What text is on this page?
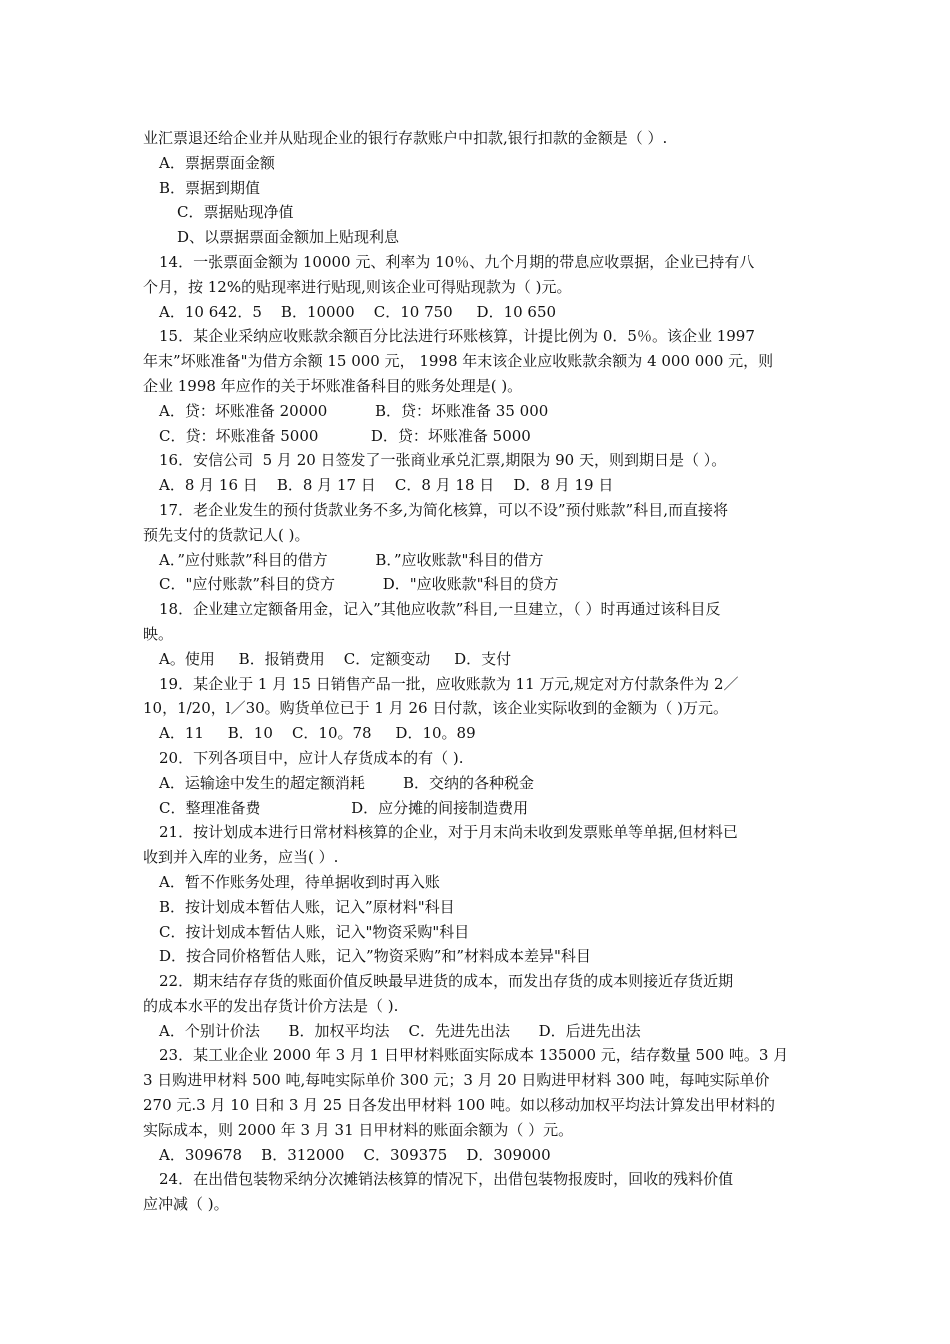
业汇票退还给企业并从贴现企业的银行存款账户中扣款,银行扣款的金额是（ ）.
A．票据票面金额
B．票据到期值
C．票据贴现净值
D、以票据票面金额加上贴现利息
14．一张票面金额为 10000 元、利率为 10％、九个月期的带息应收票据，企业已持有八
个月，按 12%的贴现率进行贴现,则该企业可得贴现款为（ )元。
A．10 642．5    B．10000    C．10 750     D．10 650
15．某企业采纳应收账款余额百分比法进行环账核算，计提比例为 0．5％。该企业 1997
年末”坏账准备"为借方余额 15 000 元， 1998 年末该企业应收账款余额为 4 000 000 元，则
企业 1998 年应作的关于坏账准备科目的账务处理是( )。
A．贷：坏账准备 20000          B．贷：坏账准备 35 000
C．贷：坏账准备 5000           D．贷：坏账准备 5000
16．安信公司  5 月 20 日签发了一张商业承兑汇票,期限为 90 天，则到期日是（ ）。
A．8 月 16 日    B．8 月 17 日    C．8 月 18 日    D．8 月 19 日
17．老企业发生的预付货款业务不多,为简化核算，可以不设”预付账款”科目,而直接将
预先支付的货款记人( )。
A．”应付账款”科目的借方          B．”应收账款"科目的借方
C．"应付账款”科目的贷方          D．"应收账款"科目的贷方
18．企业建立定额备用金，记入”其他应收款”科目,一旦建立，（ ）时再通过该科目反
映。
A。使用     B．报销费用    C．定额变动     D．支付
19．某企业于 1 月 15 日销售产品一批，应收账款为 11 万元,规定对方付款条件为 2／
10，1/20，l／30。购货单位已于 1 月 26 日付款，该企业实际收到的金额为（ )万元。
A．11     B．10    C．10。78     D．10。89
20．下列各项目中，应计人存货成本的有（ ).
A．运输途中发生的超定额消耗        B．交纳的各种税金
C．整理准备费                   D．应分摊的间接制造费用
21．按计划成本进行日常材料核算的企业，对于月末尚未收到发票账单等单据,但材料已
收到并入库的业务，应当( ）.
A．暂不作账务处理，待单据收到时再入账
B．按计划成本暂估人账，记入”原材料"科目
C．按计划成本暂估人账，记入"物资采购"科目
D．按合同价格暂估人账，记入”物资采购”和”材料成本差异"科目
22．期末结存存货的账面价值反映最早进货的成本，而发出存货的成本则接近存货近期
的成本水平的发出存货计价方法是（ ).
A．个别计价法      B．加权平均法    C．先进先出法      D．后进先出法
23．某工业企业 2000 年 3 月 1 日甲材料账面实际成本 135000 元，结存数量 500 吨。3 月
3 日购进甲材料 500 吨,每吨实际单价 300 元；3 月 20 日购进甲材料 300 吨，每吨实际单价
270 元.3 月 10 日和 3 月 25 日各发出甲材料 100 吨。如以移动加权平均法计算发出甲材料的
实际成本，则 2000 年 3 月 31 日甲材料的账面余额为（ ）元。
A．309678    B．312000    C．309375    D．309000
24．在出借包装物采纳分次摊销法核算的情况下，出借包装物报废时，回收的残料价值
应冲减（ )。
